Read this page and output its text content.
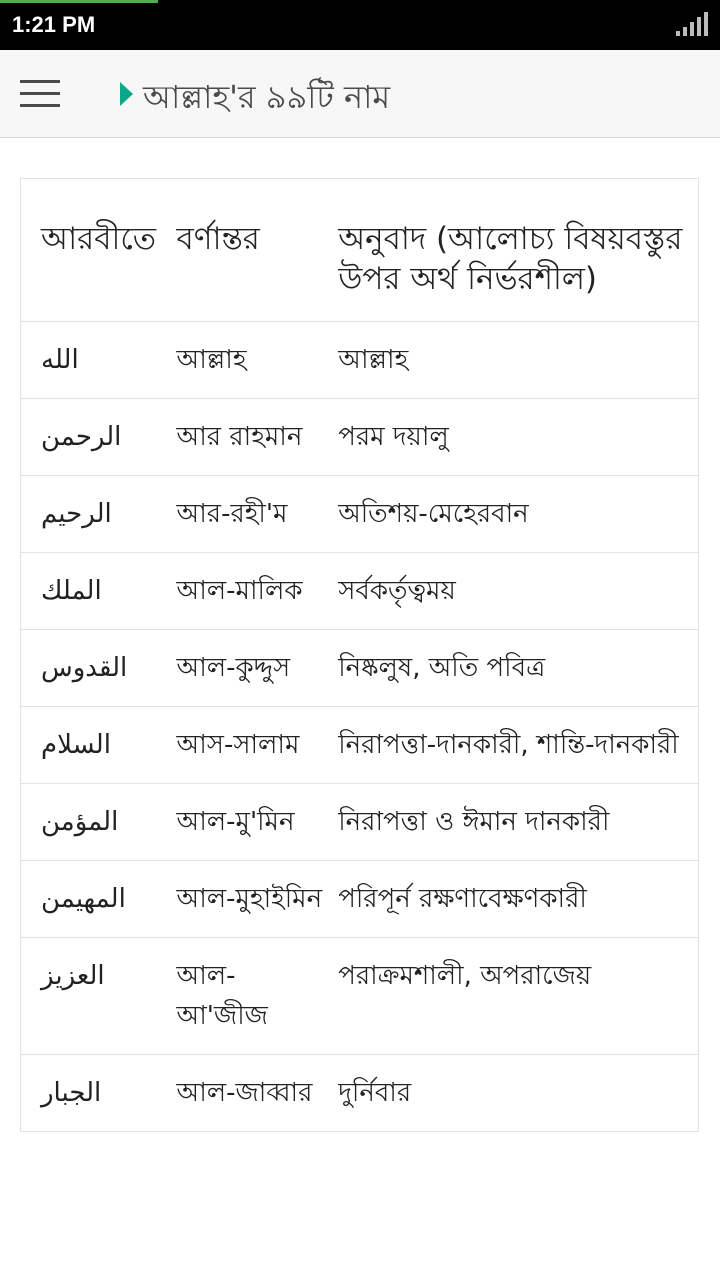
1:21 PM
আল্লাহ'র ৯৯টি নাম
আরবীতে	বর্ণান্তর	অনুবাদ (আলোচ্য বিষয়বস্তুর উপর অর্থ নির্ভরশীল)
الله	আল্লাহ	আল্লাহ
الرحمن	আর রাহমান	পরম দয়ালু
الرحيم	আর-রহী'ম	অতিশয়-মেহেরবান
الملك	আল-মালিক	সর্বকর্তৃত্বময়
القدوس	আল-কুদ্দুস	নিষ্কলুষ, অতি পবিত্র
السلام	আস-সালাম	নিরাপত্তা-দানকারী, শান্তি-দানকারী
المؤمن	আল-মু'মিন	নিরাপত্তা ও ঈমান দানকারী
المهيمن	আল-মুহাইমিন	পরিপূর্ন রক্ষণাবেক্ষণকারী
العزيز	আল-আ'জীজ	পরাক্রমশালী, অপরাজেয়
الجبار	আল-জাব্বার	দুর্নিবার
